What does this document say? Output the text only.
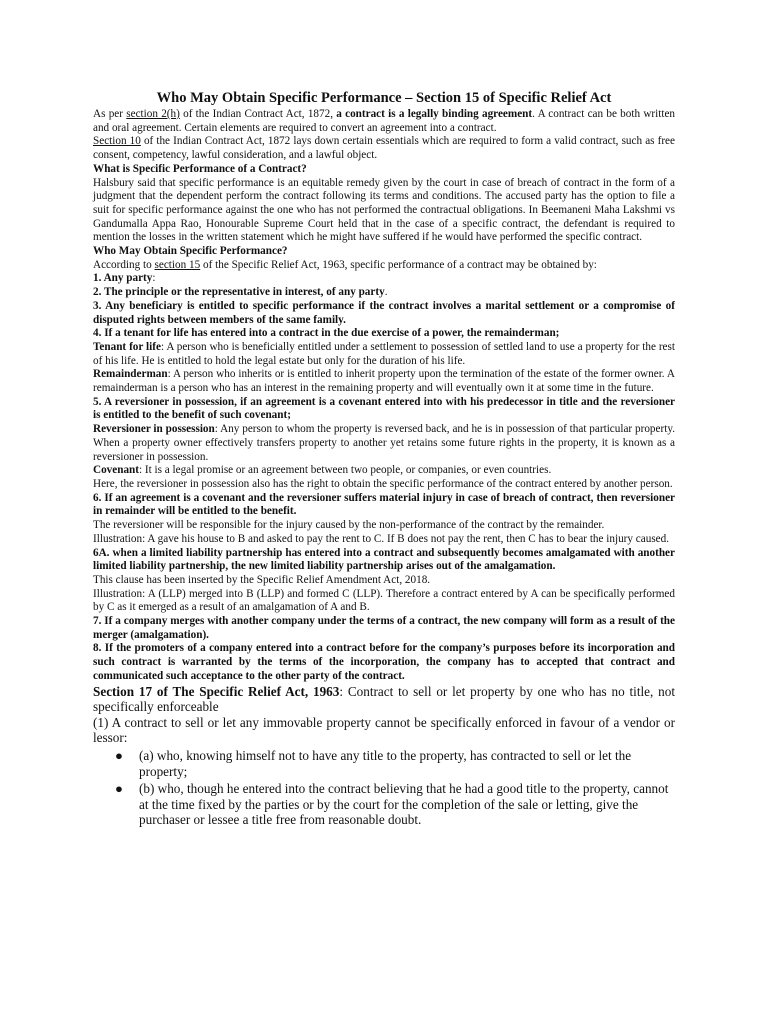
Who May Obtain Specific Performance – Section 15 of Specific Relief Act

As per section 2(h) of the Indian Contract Act, 1872, a contract is a legally binding agreement. A contract can be both written and oral agreement. Certain elements are required to convert an agreement into a contract.
Section 10 of the Indian Contract Act, 1872 lays down certain essentials which are required to form a valid contract, such as free consent, competency, lawful consideration, and a lawful object.

What is Specific Performance of a Contract?

Halsbury said that specific performance is an equitable remedy given by the court in case of breach of contract in the form of a judgment that the dependent perform the contract following its terms and conditions. The accused party has the option to file a suit for specific performance against the one who has not performed the contractual obligations. In Beemaneni Maha Lakshmi vs Gandumalla Appa Rao, Honourable Supreme Court held that in the case of a specific contract, the defendant is required to mention the losses in the written statement which he might have suffered if he would have performed the specific contract.

Who May Obtain Specific Performance?

According to section 15 of the Specific Relief Act, 1963, specific performance of a contract may be obtained by:

1. Any party:

2. The principle or the representative in interest, of any party.

3. Any beneficiary is entitled to specific performance if the contract involves a marital settlement or a compromise of disputed rights between members of the same family.

4. If a tenant for life has entered into a contract in the due exercise of a power, the remainderman;

Tenant for life: A person who is beneficially entitled under a settlement to possession of settled land to use a property for the rest of his life. He is entitled to hold the legal estate but only for the duration of his life.

Remainderman: A person who inherits or is entitled to inherit property upon the termination of the estate of the former owner. A remainderman is a person who has an interest in the remaining property and will eventually own it at some time in the future.

5. A reversioner in possession, if an agreement is a covenant entered into with his predecessor in title and the reversioner is entitled to the benefit of such covenant;

Reversioner in possession: Any person to whom the property is reversed back, and he is in possession of that particular property. When a property owner effectively transfers property to another yet retains some future rights in the property, it is known as a reversioner in possession.

Covenant: It is a legal promise or an agreement between two people, or companies, or even countries.

Here, the reversioner in possession also has the right to obtain the specific performance of the contract entered by another person.

6. If an agreement is a covenant and the reversioner suffers material injury in case of breach of contract, then reversioner in remainder will be entitled to the benefit.

The reversioner will be responsible for the injury caused by the non-performance of the contract by the remainder.

Illustration: A gave his house to B and asked to pay the rent to C. If B does not pay the rent, then C has to bear the injury caused.

6A. when a limited liability partnership has entered into a contract and subsequently becomes amalgamated with another limited liability partnership, the new limited liability partnership arises out of the amalgamation.

This clause has been inserted by the Specific Relief Amendment Act, 2018.

Illustration: A (LLP) merged into B (LLP) and formed C (LLP). Therefore a contract entered by A can be specifically performed by C as it emerged as a result of an amalgamation of A and B.

7. If a company merges with another company under the terms of a contract, the new company will form as a result of the merger (amalgamation).

8. If the promoters of a company entered into a contract before for the company’s purposes before its incorporation and such contract is warranted by the terms of the incorporation, the company has to accepted that contract and communicated such acceptance to the other party of the contract.

Section 17 of The Specific Relief Act, 1963: Contract to sell or let property by one who has no title, not specifically enforceable

(1) A contract to sell or let any immovable property cannot be specifically enforced in favour of a vendor or lessor:

● (a) who, knowing himself not to have any title to the property, has contracted to sell or let the property;
● (b) who, though he entered into the contract believing that he had a good title to the property, cannot at the time fixed by the parties or by the court for the completion of the sale or letting, give the purchaser or lessee a title free from reasonable doubt.
